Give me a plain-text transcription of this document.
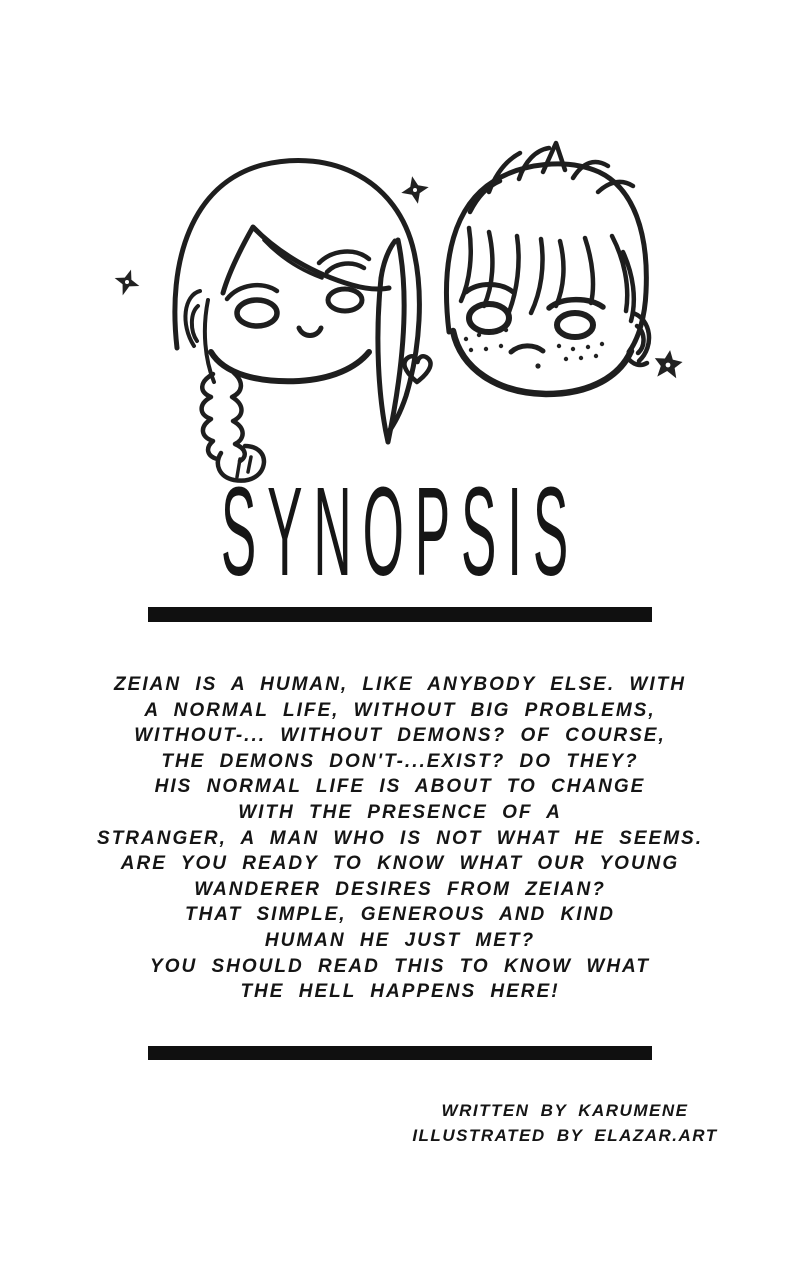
SYNOPSIS
ZEIAN IS A HUMAN, LIKE ANYBODY ELSE. WITH
A NORMAL LIFE, WITHOUT BIG PROBLEMS,
WITHOUT-... WITHOUT DEMONS? OF COURSE,
THE DEMONS DON'T-...EXIST? DO THEY?
HIS NORMAL LIFE IS ABOUT TO CHANGE
WITH THE PRESENCE OF A
STRANGER, A MAN WHO IS NOT WHAT HE SEEMS.
ARE YOU READY TO KNOW WHAT OUR YOUNG
WANDERER DESIRES FROM ZEIAN?
THAT SIMPLE, GENEROUS AND KIND
HUMAN HE JUST MET?
YOU SHOULD READ THIS TO KNOW WHAT
THE HELL HAPPENS HERE!
WRITTEN BY KARUMENE
ILLUSTRATED BY ELAZAR.ART
